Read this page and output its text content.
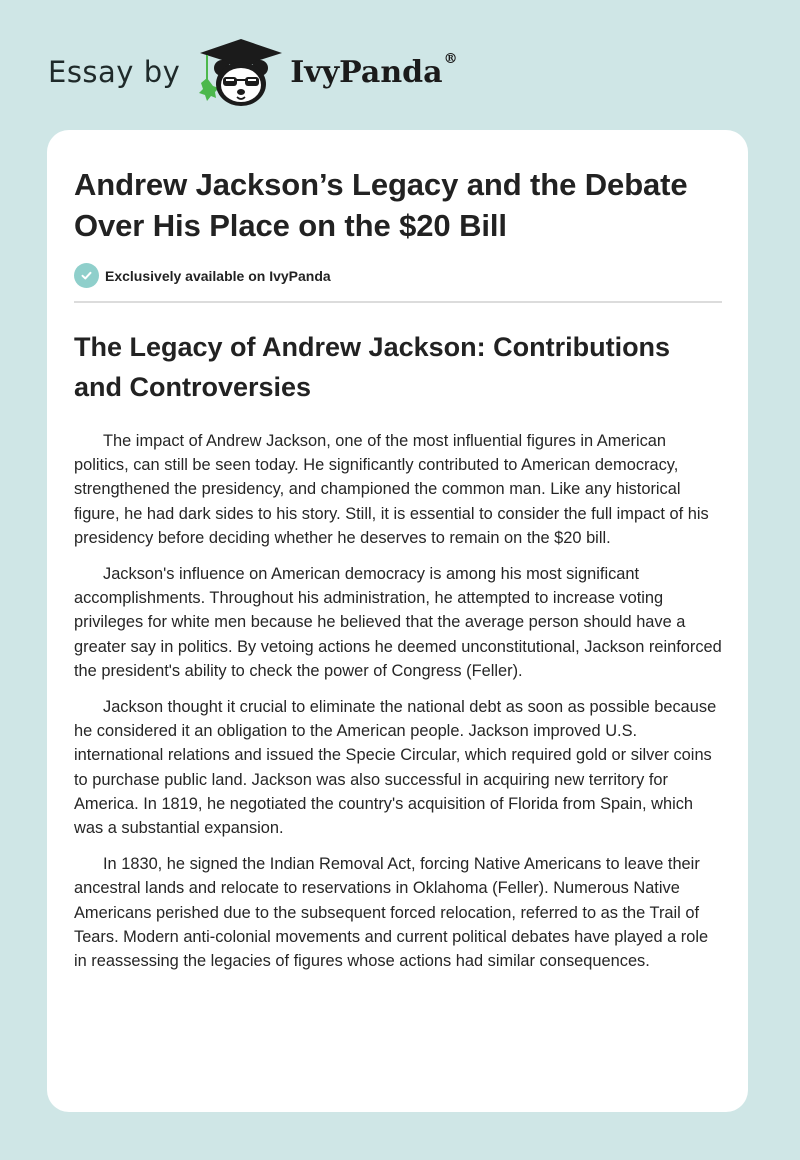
Essay by	IvyPanda®
Andrew Jackson’s Legacy and the Debate Over His Place on the $20 Bill
Exclusively available on IvyPanda
The Legacy of Andrew Jackson: Contributions and Controversies

The impact of Andrew Jackson, one of the most influential figures in American politics, can still be seen today. He significantly contributed to American democracy, strengthened the presidency, and championed the common man. Like any historical figure, he had dark sides to his story. Still, it is essential to consider the full impact of his presidency before deciding whether he deserves to remain on the $20 bill.

Jackson's influence on American democracy is among his most significant accomplishments. Throughout his administration, he attempted to increase voting privileges for white men because he believed that the average person should have a greater say in politics. By vetoing actions he deemed unconstitutional, Jackson reinforced the president's ability to check the power of Congress (Feller).

Jackson thought it crucial to eliminate the national debt as soon as possible because he considered it an obligation to the American people. Jackson improved U.S. international relations and issued the Specie Circular, which required gold or silver coins to purchase public land. Jackson was also successful in acquiring new territory for America. In 1819, he negotiated the country's acquisition of Florida from Spain, which was a substantial expansion.

In 1830, he signed the Indian Removal Act, forcing Native Americans to leave their ancestral lands and relocate to reservations in Oklahoma (Feller). Numerous Native Americans perished due to the subsequent forced relocation, referred to as the Trail of Tears. Modern anti-colonial movements and current political debates have played a role in reassessing the legacies of figures whose actions had similar consequences.
